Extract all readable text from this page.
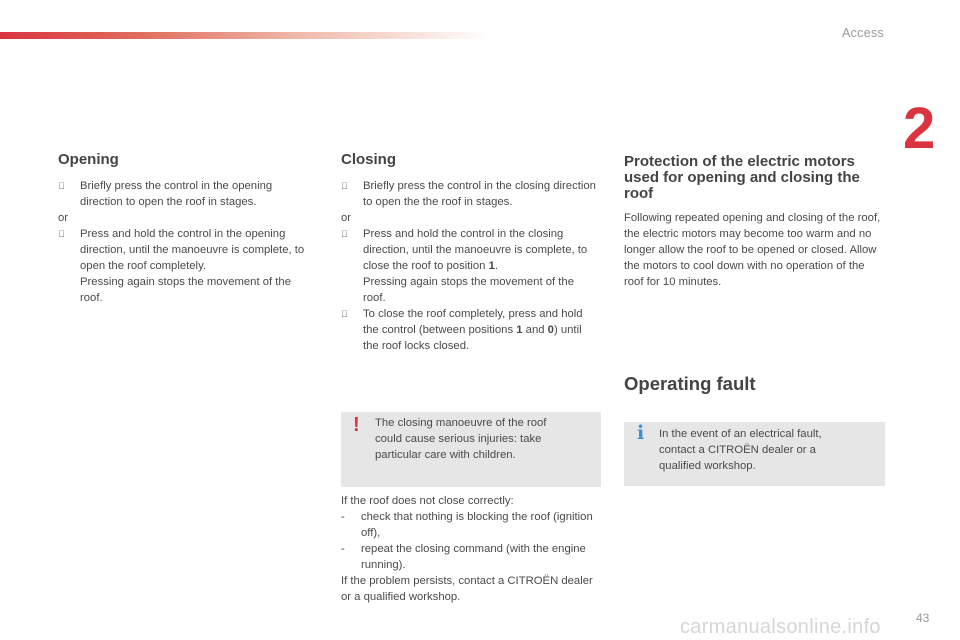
Access
2
Opening

Briefly press the control in the opening direction to open the roof in stages.

or

Press and hold the control in the opening direction, until the manoeuvre is complete, to open the roof completely.

Pressing again stops the movement of the roof.

Closing

Briefly press the control in the closing direction to open the the roof in stages.

or

Press and hold the control in the closing direction, until the manoeuvre is complete, to close the roof to position 1.

Pressing again stops the movement of the roof.

To close the roof completely, press and hold the control (between positions 1 and 0) until the roof locks closed.

! The closing manoeuvre of the roof could cause serious injuries: take particular care with children.

If the roof does not close correctly:

- check that nothing is blocking the roof (ignition off),

- repeat the closing command (with the engine running).

If the problem persists, contact a CITROËN dealer or a qualified workshop.

Protection of the electric motors used for opening and closing the roof

Following repeated opening and closing of the roof, the electric motors may become too warm and no longer allow the roof to be opened or closed. Allow the motors to cool down with no operation of the roof for 10 minutes.

Operating fault
i In the event of an electrical fault, contact a CITROËN dealer or a qualified workshop.
carmanualsonline.info	43
